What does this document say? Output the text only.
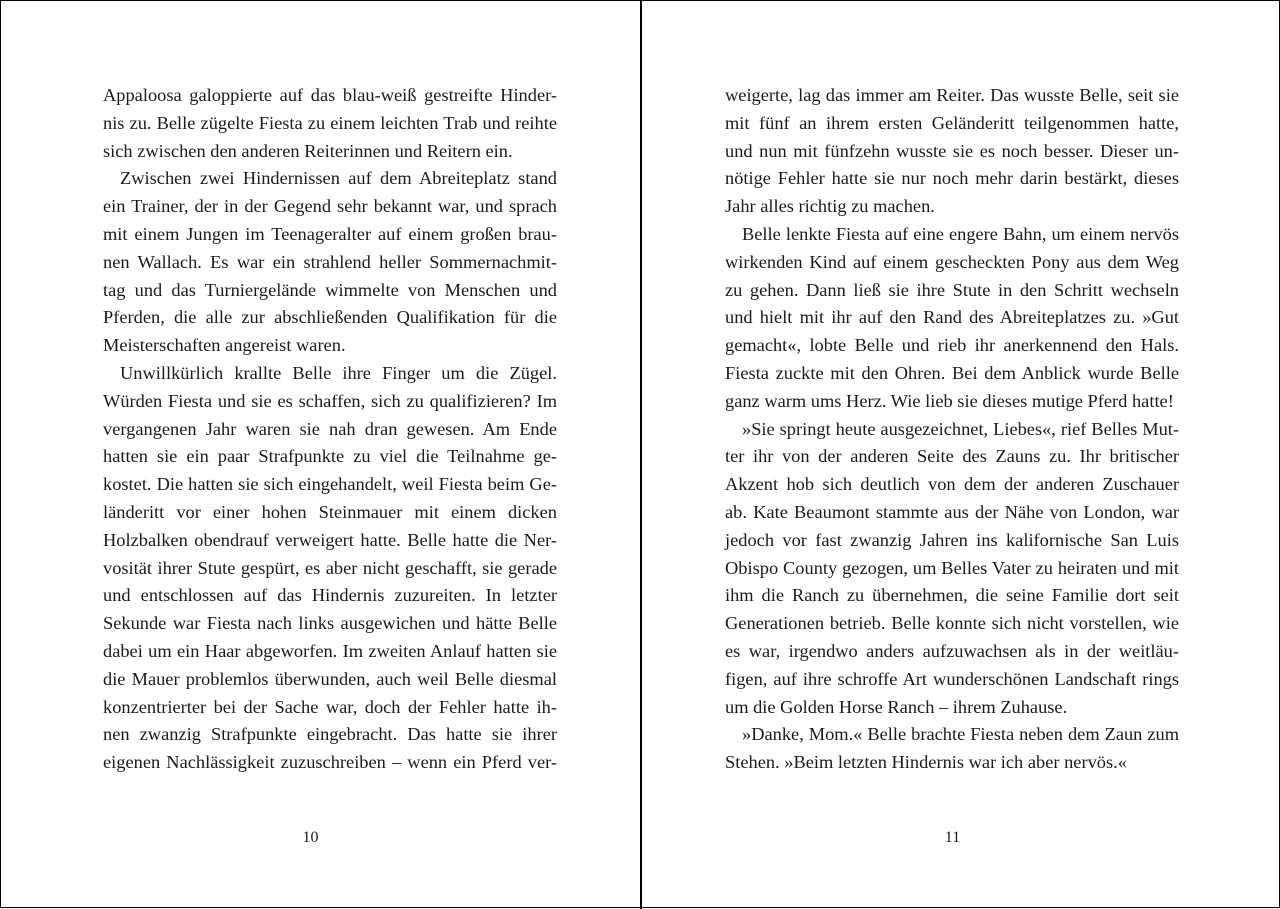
Appaloosa galoppierte auf das blau-weiß gestreifte Hinder-
nis zu. Belle zügelte Fiesta zu einem leichten Trab und reihte
sich zwischen den anderen Reiterinnen und Reitern ein.
Zwischen zwei Hindernissen auf dem Abreiteplatz stand
ein Trainer, der in der Gegend sehr bekannt war, und sprach
mit einem Jungen im Teenageralter auf einem großen brau-
nen Wallach. Es war ein strahlend heller Sommernachmit-
tag und das Turniergelände wimmelte von Menschen und
Pferden, die alle zur abschließenden Qualifikation für die
Meisterschaften angereist waren.
Unwillkürlich krallte Belle ihre Finger um die Zügel.
Würden Fiesta und sie es schaffen, sich zu qualifizieren? Im
vergangenen Jahr waren sie nah dran gewesen. Am Ende
hatten sie ein paar Strafpunkte zu viel die Teilnahme ge-
kostet. Die hatten sie sich eingehandelt, weil Fiesta beim Ge-
länderitt vor einer hohen Steinmauer mit einem dicken
Holzbalken obendrauf verweigert hatte. Belle hatte die Ner-
vosität ihrer Stute gespürt, es aber nicht geschafft, sie gerade
und entschlossen auf das Hindernis zuzureiten. In letzter
Sekunde war Fiesta nach links ausgewichen und hätte Belle
dabei um ein Haar abgeworfen. Im zweiten Anlauf hatten sie
die Mauer problemlos überwunden, auch weil Belle diesmal
konzentrierter bei der Sache war, doch der Fehler hatte ih-
nen zwanzig Strafpunkte eingebracht. Das hatte sie ihrer
eigenen Nachlässigkeit zuzuschreiben – wenn ein Pferd ver-
10
weigerte, lag das immer am Reiter. Das wusste Belle, seit sie
mit fünf an ihrem ersten Geländeritt teilgenommen hatte,
und nun mit fünfzehn wusste sie es noch besser. Dieser un-
nötige Fehler hatte sie nur noch mehr darin bestärkt, dieses
Jahr alles richtig zu machen.
Belle lenkte Fiesta auf eine engere Bahn, um einem nervös
wirkenden Kind auf einem gescheckten Pony aus dem Weg
zu gehen. Dann ließ sie ihre Stute in den Schritt wechseln
und hielt mit ihr auf den Rand des Abreiteplatzes zu. »Gut
gemacht«, lobte Belle und rieb ihr anerkennend den Hals.
Fiesta zuckte mit den Ohren. Bei dem Anblick wurde Belle
ganz warm ums Herz. Wie lieb sie dieses mutige Pferd hatte!
»Sie springt heute ausgezeichnet, Liebes«, rief Belles Mut-
ter ihr von der anderen Seite des Zauns zu. Ihr britischer
Akzent hob sich deutlich von dem der anderen Zuschauer
ab. Kate Beaumont stammte aus der Nähe von London, war
jedoch vor fast zwanzig Jahren ins kalifornische San Luis
Obispo County gezogen, um Belles Vater zu heiraten und mit
ihm die Ranch zu übernehmen, die seine Familie dort seit
Generationen betrieb. Belle konnte sich nicht vorstellen, wie
es war, irgendwo anders aufzuwachsen als in der weitläu-
figen, auf ihre schroffe Art wunderschönen Landschaft rings
um die Golden Horse Ranch – ihrem Zuhause.
»Danke, Mom.« Belle brachte Fiesta neben dem Zaun zum
Stehen. »Beim letzten Hindernis war ich aber nervös.«
11
